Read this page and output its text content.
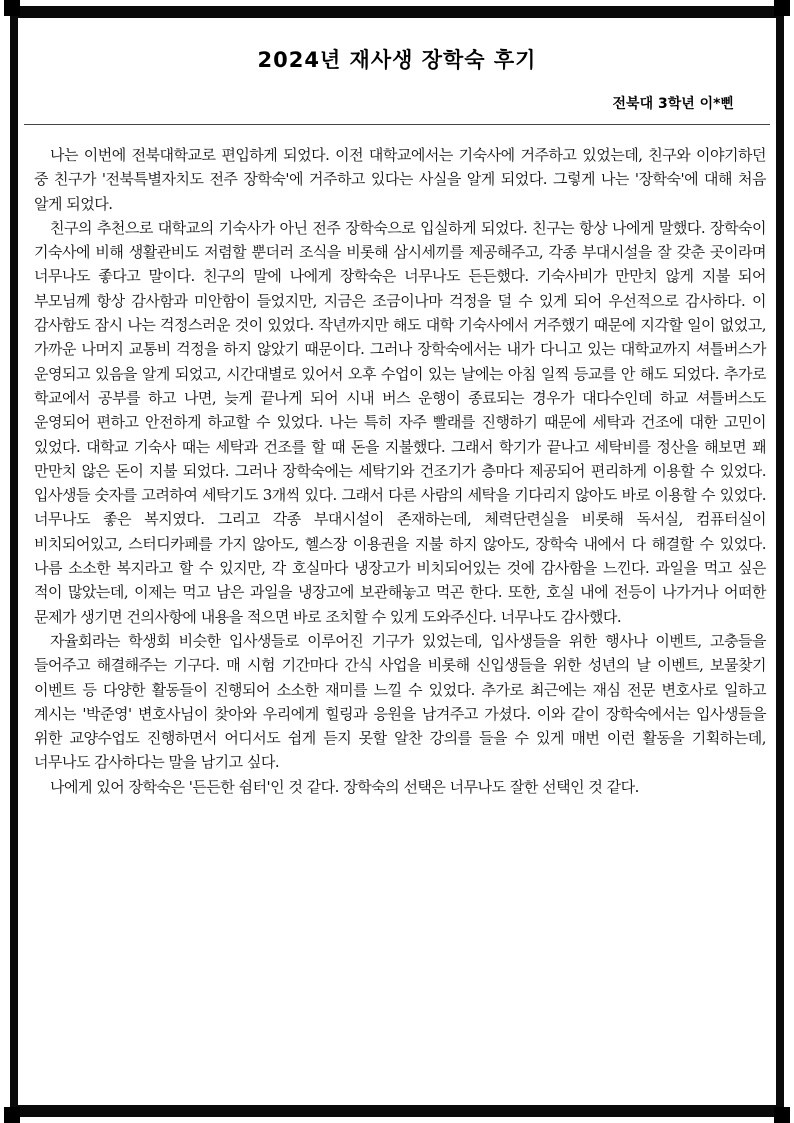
2024년 재사생 장학숙 후기
전북대 3학년 이*삔

나는 이번에 전북대학교로 편입하게 되었다. 이전 대학교에서는 기숙사에 거주하고 있었는데, 친구와 이야기하던 중 친구가 '전북특별자치도 전주 장학숙'에 거주하고 있다는 사실을 알게 되었다. 그렇게 나는 '장학숙'에 대해 처음 알게 되었다.

친구의 추천으로 대학교의 기숙사가 아닌 전주 장학숙으로 입실하게 되었다. 친구는 항상 나에게 말했다. 장학숙이 기숙사에 비해 생활관비도 저렴할 뿐더러 조식을 비롯해 삼시세끼를 제공해주고, 각종 부대시설을 잘 갖춘 곳이라며 너무나도 좋다고 말이다. 친구의 말에 나에게 장학숙은 너무나도 든든했다. 기숙사비가 만만치 않게 지불 되어 부모님께 항상 감사함과 미안함이 들었지만, 지금은 조금이나마 걱정을 덜 수 있게 되어 우선적으로 감사하다. 이 감사함도 잠시 나는 걱정스러운 것이 있었다. 작년까지만 해도 대학 기숙사에서 거주했기 때문에 지각할 일이 없었고, 가까운 나머지 교통비 걱정을 하지 않았기 때문이다. 그러나 장학숙에서는 내가 다니고 있는 대학교까지 셔틀버스가 운영되고 있음을 알게 되었고, 시간대별로 있어서 오후 수업이 있는 날에는 아침 일찍 등교를 안 해도 되었다. 추가로 학교에서 공부를 하고 나면, 늦게 끝나게 되어 시내 버스 운행이 종료되는 경우가 대다수인데 하교 셔틀버스도 운영되어 편하고 안전하게 하교할 수 있었다. 나는 특히 자주 빨래를 진행하기 때문에 세탁과 건조에 대한 고민이 있었다. 대학교 기숙사 때는 세탁과 건조를 할 때 돈을 지불했다. 그래서 학기가 끝나고 세탁비를 정산을 해보면 꽤 만만치 않은 돈이 지불 되었다. 그러나 장학숙에는 세탁기와 건조기가 층마다 제공되어 편리하게 이용할 수 있었다. 입사생들 숫자를 고려하여 세탁기도 3개씩 있다. 그래서 다른 사람의 세탁을 기다리지 않아도 바로 이용할 수 있었다. 너무나도 좋은 복지였다. 그리고 각종 부대시설이 존재하는데, 체력단련실을 비롯해 독서실, 컴퓨터실이 비치되어있고, 스터디카페를 가지 않아도, 헬스장 이용권을 지불 하지 않아도, 장학숙 내에서 다 해결할 수 있었다. 나름 소소한 복지라고 할 수 있지만, 각 호실마다 냉장고가 비치되어있는 것에 감사함을 느낀다. 과일을 먹고 싶은 적이 많았는데, 이제는 먹고 남은 과일을 냉장고에 보관해놓고 먹곤 한다. 또한, 호실 내에 전등이 나가거나 어떠한 문제가 생기면 건의사항에 내용을 적으면 바로 조치할 수 있게 도와주신다. 너무나도 감사했다.

자율회라는 학생회 비슷한 입사생들로 이루어진 기구가 있었는데, 입사생들을 위한 행사나 이벤트, 고충들을 들어주고 해결해주는 기구다. 매 시험 기간마다 간식 사업을 비롯해 신입생들을 위한 성년의 날 이벤트, 보물찾기 이벤트 등 다양한 활동들이 진행되어 소소한 재미를 느낄 수 있었다. 추가로 최근에는 재심 전문 변호사로 일하고 계시는 '박준영' 변호사님이 찾아와 우리에게 힐링과 응원을 남겨주고 가셨다. 이와 같이 장학숙에서는 입사생들을 위한 교양수업도 진행하면서 어디서도 쉽게 듣지 못할 알찬 강의를 들을 수 있게 매번 이런 활동을 기획하는데, 너무나도 감사하다는 말을 남기고 싶다.

나에게 있어 장학숙은 '든든한 쉼터'인 것 같다. 장학숙의 선택은 너무나도 잘한 선택인 것 같다.
